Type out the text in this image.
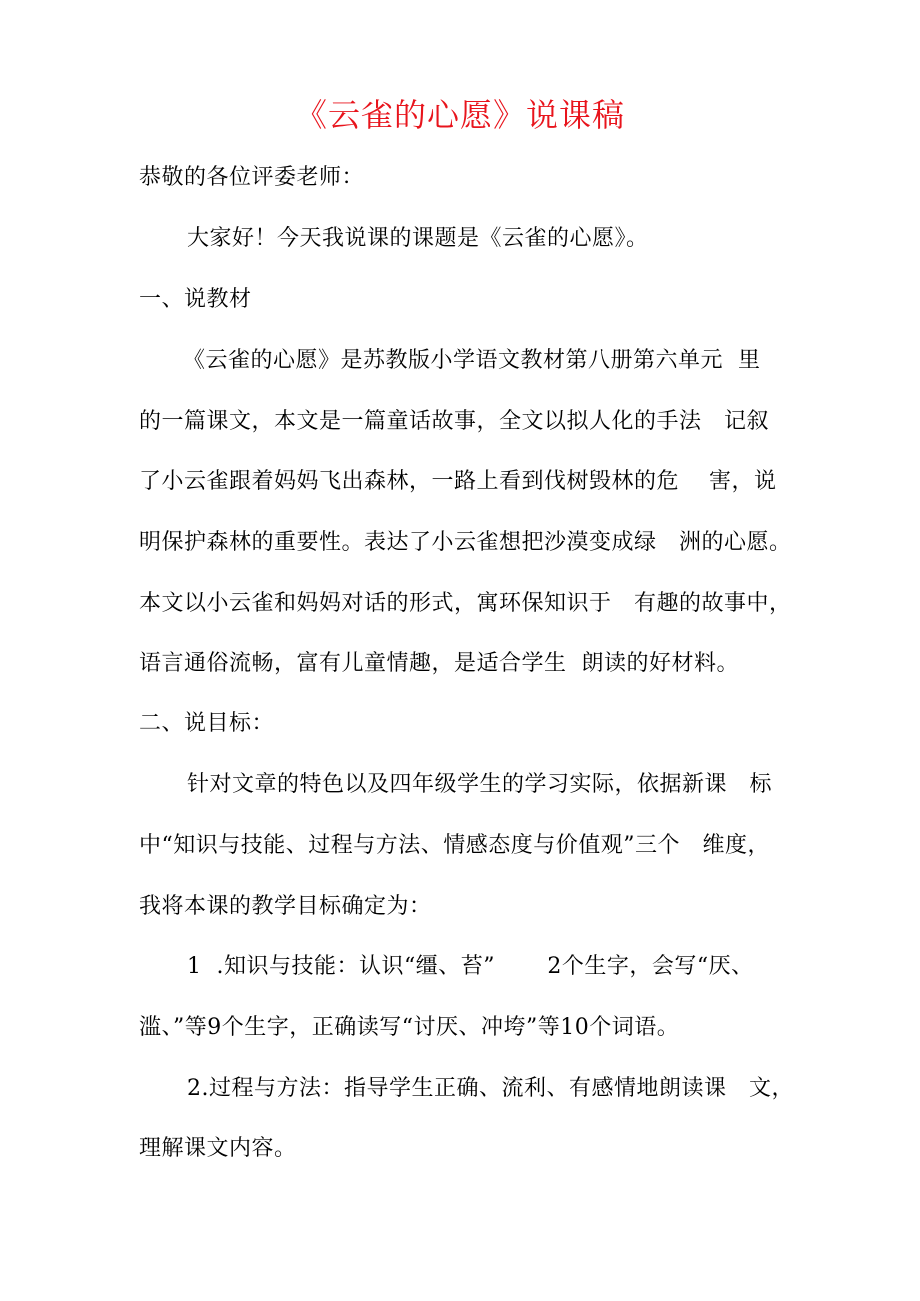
《云雀的心愿》说课稿
恭敬的各位评委老师：
大家好！今天我说课的课题是《云雀的心愿》。
一、说教材
《云雀的心愿》是苏教版小学语文教材第八册第六单元  里
的一篇课文，本文是一篇童话故事，全文以拟人化的手法   记叙
了小云雀跟着妈妈飞出森林，一路上看到伐树毁林的危    害，说
明保护森林的重要性。表达了小云雀想把沙漠变成绿   洲的心愿。
本文以小云雀和妈妈对话的形式，寓环保知识于   有趣的故事中，
语言通俗流畅，富有儿童情趣，是适合学生  朗读的好材料。
二、说目标：
针对文章的特色以及四年级学生的学习实际，依据新课   标
中“知识与技能、过程与方法、情感态度与价值观”三个   维度，
我将本课的教学目标确定为：
1  .知识与技能：认识“缰、苔”       2个生字，会写“厌、
滥、”等9个生字，正确读写“讨厌、冲垮”等10个词语。
2.过程与方法：指导学生正确、流利、有感情地朗读课   文，
理解课文内容。
